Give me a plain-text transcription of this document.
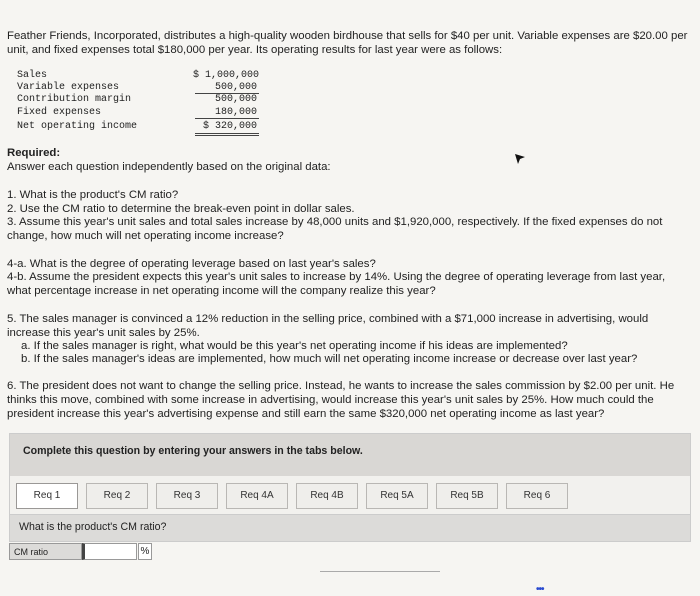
Feather Friends, Incorporated, distributes a high-quality wooden birdhouse that sells for $40 per unit. Variable expenses are $20.00 per unit, and fixed expenses total $180,000 per year. Its operating results for last year were as follows:
Sales	$ 1,000,000
Variable expenses	500,000
Contribution margin	500,000
Fixed expenses	180,000
Net operating income	$ 320,000
Required:
Answer each question independently based on the original data:
1. What is the product's CM ratio?
2. Use the CM ratio to determine the break-even point in dollar sales.
3. Assume this year's unit sales and total sales increase by 48,000 units and $1,920,000, respectively. If the fixed expenses do not change, how much will net operating income increase?
4-a. What is the degree of operating leverage based on last year's sales?
4-b. Assume the president expects this year's unit sales to increase by 14%. Using the degree of operating leverage from last year, what percentage increase in net operating income will the company realize this year?
5. The sales manager is convinced a 12% reduction in the selling price, combined with a $71,000 increase in advertising, would increase this year's unit sales by 25%.
a. If the sales manager is right, what would be this year's net operating income if his ideas are implemented?
b. If the sales manager's ideas are implemented, how much will net operating income increase or decrease over last year?
6. The president does not want to change the selling price. Instead, he wants to increase the sales commission by $2.00 per unit. He thinks this move, combined with some increase in advertising, would increase this year's unit sales by 25%. How much could the president increase this year's advertising expense and still earn the same $320,000 net operating income as last year?
Complete this question by entering your answers in the tabs below.
Req 1	Req 2	Req 3	Req 4A	Req 4B	Req 5A	Req 5B	Req 6
What is the product's CM ratio?
CM ratio	%
•••
